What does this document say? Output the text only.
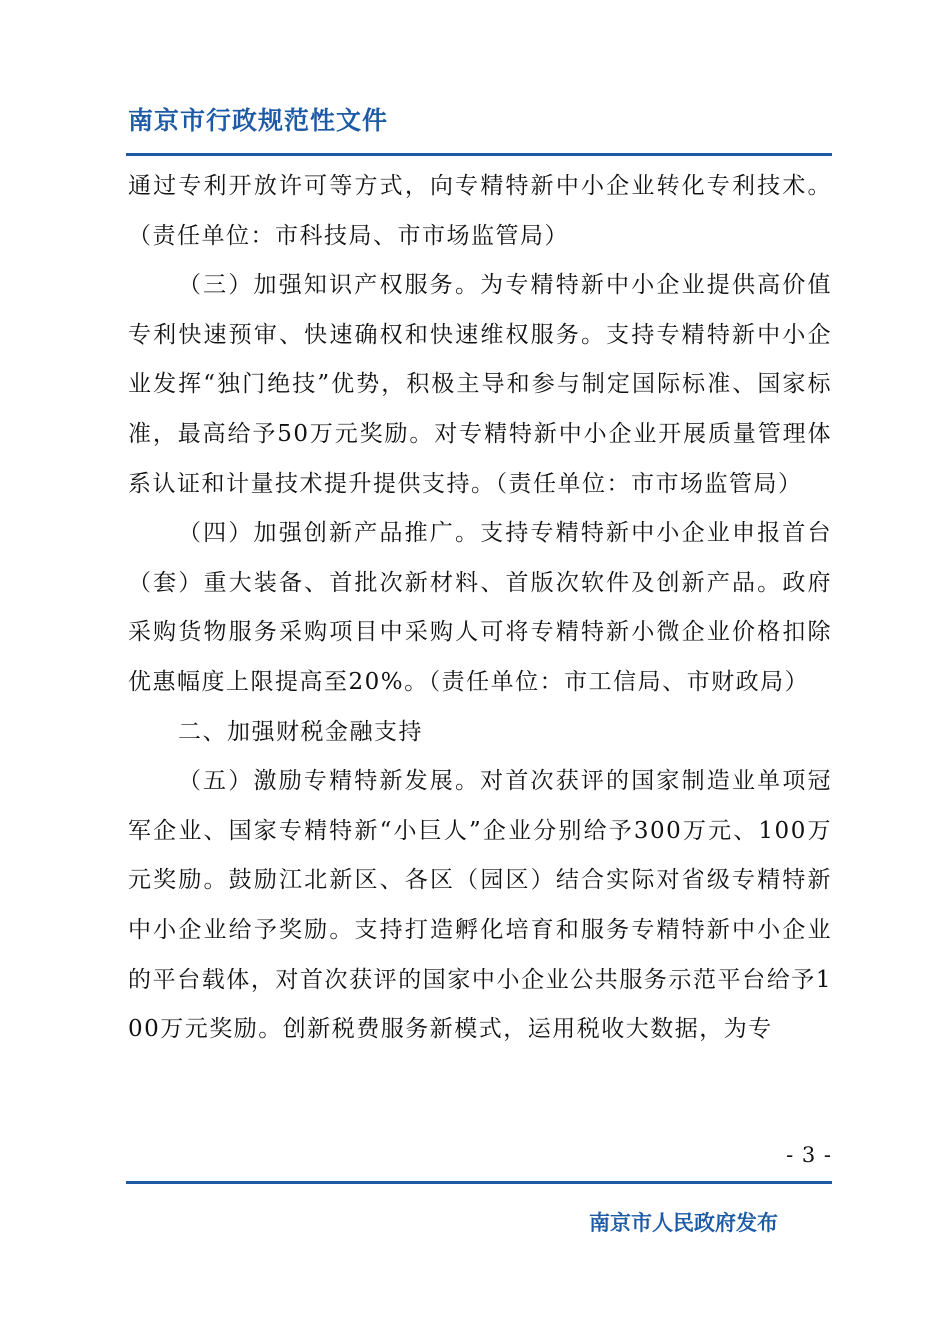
南京市行政规范性文件

通过专利开放许可等方式，向专精特新中小企业转化专利技术。（责任单位：市科技局、市市场监管局）

（三）加强知识产权服务。为专精特新中小企业提供高价值专利快速预审、快速确权和快速维权服务。支持专精特新中小企业发挥“独门绝技”优势，积极主导和参与制定国际标准、国家标准，最高给予50万元奖励。对专精特新中小企业开展质量管理体系认证和计量技术提升提供支持。（责任单位：市市场监管局）

（四）加强创新产品推广。支持专精特新中小企业申报首台（套）重大装备、首批次新材料、首版次软件及创新产品。政府采购货物服务采购项目中采购人可将专精特新小微企业价格扣除优惠幅度上限提高至20%。（责任单位：市工信局、市财政局）

二、加强财税金融支持

（五）激励专精特新发展。对首次获评的国家制造业单项冠军企业、国家专精特新“小巨人”企业分别给予300万元、100万元奖励。鼓励江北新区、各区（园区）结合实际对省级专精特新中小企业给予奖励。支持打造孵化培育和服务专精特新中小企业的平台载体，对首次获评的国家中小企业公共服务示范平台给予100万元奖励。创新税费服务新模式，运用税收大数据，为专

- 3 -
南京市人民政府发布
